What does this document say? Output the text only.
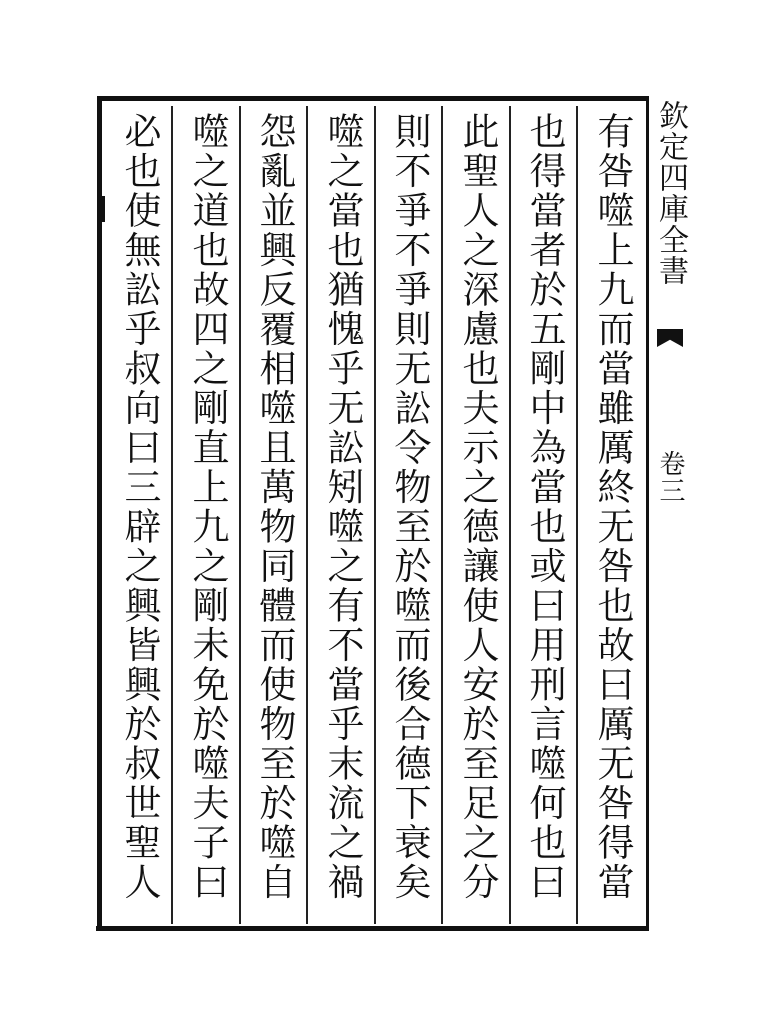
欽定四庫全書  卷三
有咎噬上九而當雖厲終无咎也故曰厲无咎得當
也得當者於五剛中為當也或曰用刑言噬何也曰
此聖人之深慮也夫示之德讓使人安於至足之分
則不爭不爭則无訟令物至於噬而後合德下衰矣
噬之當也猶愧乎无訟矧噬之有不當乎末流之禍
怨亂並興反覆相噬且萬物同體而使物至於噬自
噬之道也故四之剛直上九之剛未免於噬夫子曰
必也使無訟乎叔向曰三辟之興皆興於叔世聖人
